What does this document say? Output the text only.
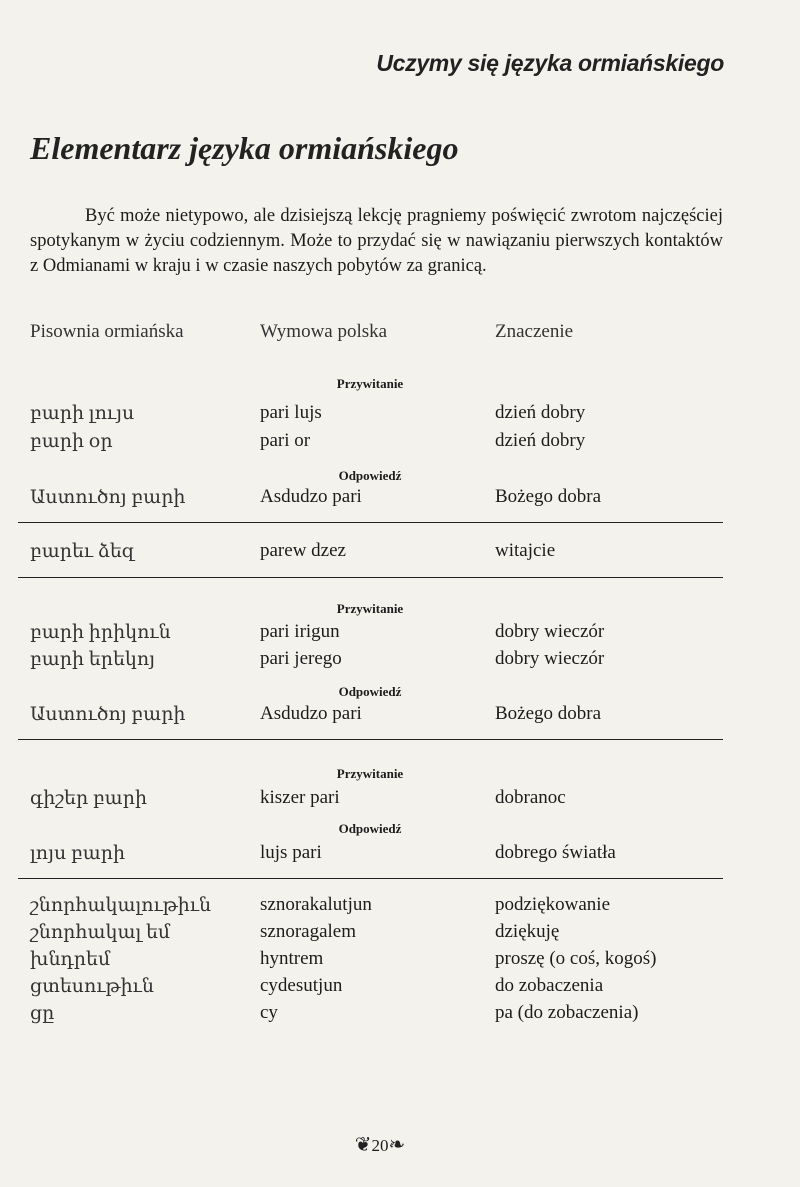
Uczymy się języka ormiańskiego
Elementarz języka ormiańskiego
Być może nietypowo, ale dzisiejszą lekcję pragniemy poświęcić zwrotom najczęściej spotykanym w życiu codziennym. Może to przydać się w nawiązaniu pierwszych kontaktów z Odmianami w kraju i w czasie naszych pobytów za granicą.
Pisownia ormiańska	Wymowa polska	Znaczenie
Przywitanie
բարի լույս	pari lujs	dzień dobry
բարի օր	pari or	dzień dobry
Odpowiedź
Աստուծոյ բարի	Asdudzo pari	Bożego dobra
բարեւ ձեզ	parew dzez	witajcie
Przywitanie
բարի իրիկուն	pari irigun	dobry wieczór
բարի երեկոյ	pari jerego	dobry wieczór
Odpowiedź
Աստուծոյ բարի	Asdudzo pari	Bożego dobra
Przywitanie
գիշեր բարի	kiszer pari	dobranoc
Odpowiedź
լոյս բարի	lujs pari	dobrego światła
շնորհակալութիւն	sznorakalutjun	podziękowanie
շնորհակալ եմ	sznoragalem	dziękuję
խնդրեմ	hyntrem	proszę (o coś, kogoś)
ցտեսութիւն	cydesutjun	do zobaczenia
ցը	cy	pa (do zobaczenia)
❦20❧
